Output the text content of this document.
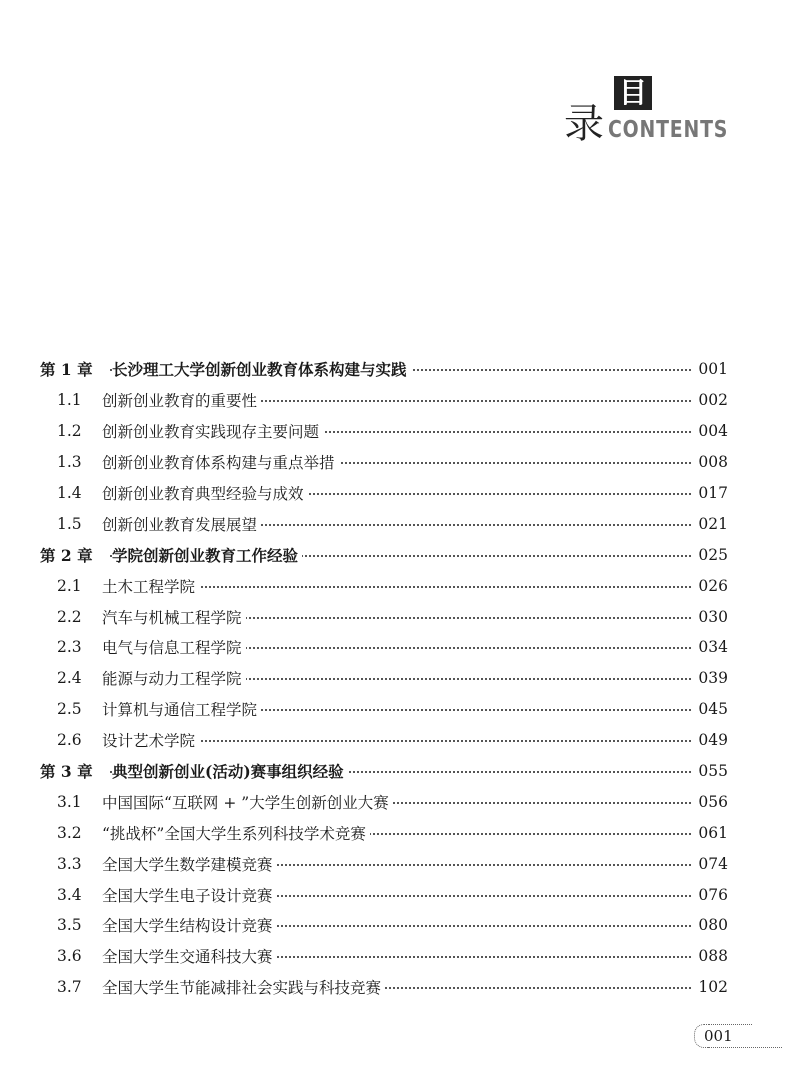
目
录 CONTENTS
第 1 章 长沙理工大学创新创业教育体系构建与实践	001
1.1	创新创业教育的重要性	002
1.2	创新创业教育实践现存主要问题	004
1.3	创新创业教育体系构建与重点举措	008
1.4	创新创业教育典型经验与成效	017
1.5	创新创业教育发展展望	021
第 2 章 学院创新创业教育工作经验	025
2.1	土木工程学院	026
2.2	汽车与机械工程学院	030
2.3	电气与信息工程学院	034
2.4	能源与动力工程学院	039
2.5	计算机与通信工程学院	045
2.6	设计艺术学院	049
第 3 章 典型创新创业(活动)赛事组织经验	055
3.1	中国国际“互联网 + ”大学生创新创业大赛	056
3.2	“挑战杯”全国大学生系列科技学术竞赛	061
3.3	全国大学生数学建模竞赛	074
3.4	全国大学生电子设计竞赛	076
3.5	全国大学生结构设计竞赛	080
3.6	全国大学生交通科技大赛	088
3.7	全国大学生节能减排社会实践与科技竞赛	102
001
